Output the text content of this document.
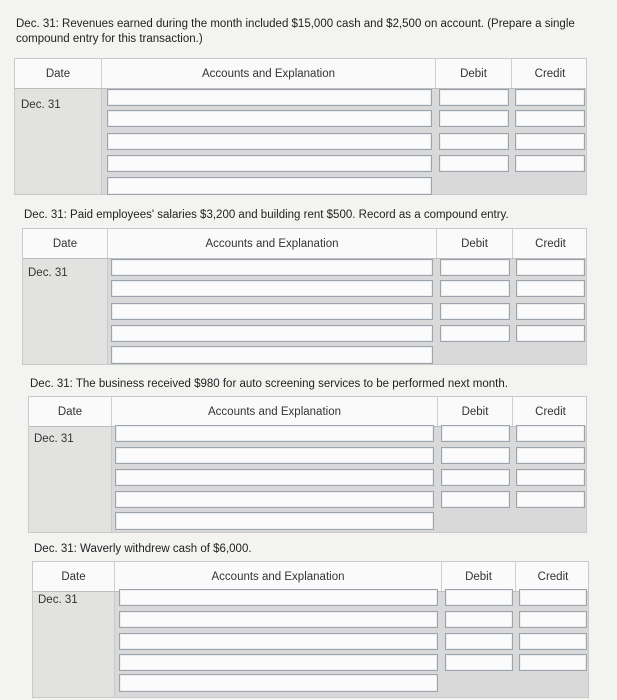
Dec. 31: Revenues earned during the month included $15,000 cash and $2,500 on account. (Prepare a single
compound entry for this transaction.)
Date	Accounts and Explanation	Debit	Credit
Dec. 31
Dec. 31: Paid employees' salaries $3,200 and building rent $500. Record as a compound entry.
Date	Accounts and Explanation	Debit	Credit
Dec. 31
Dec. 31: The business received $980 for auto screening services to be performed next month.
Date	Accounts and Explanation	Debit	Credit
Dec. 31
Dec. 31: Waverly withdrew cash of $6,000.
Date	Accounts and Explanation	Debit	Credit
Dec. 31
